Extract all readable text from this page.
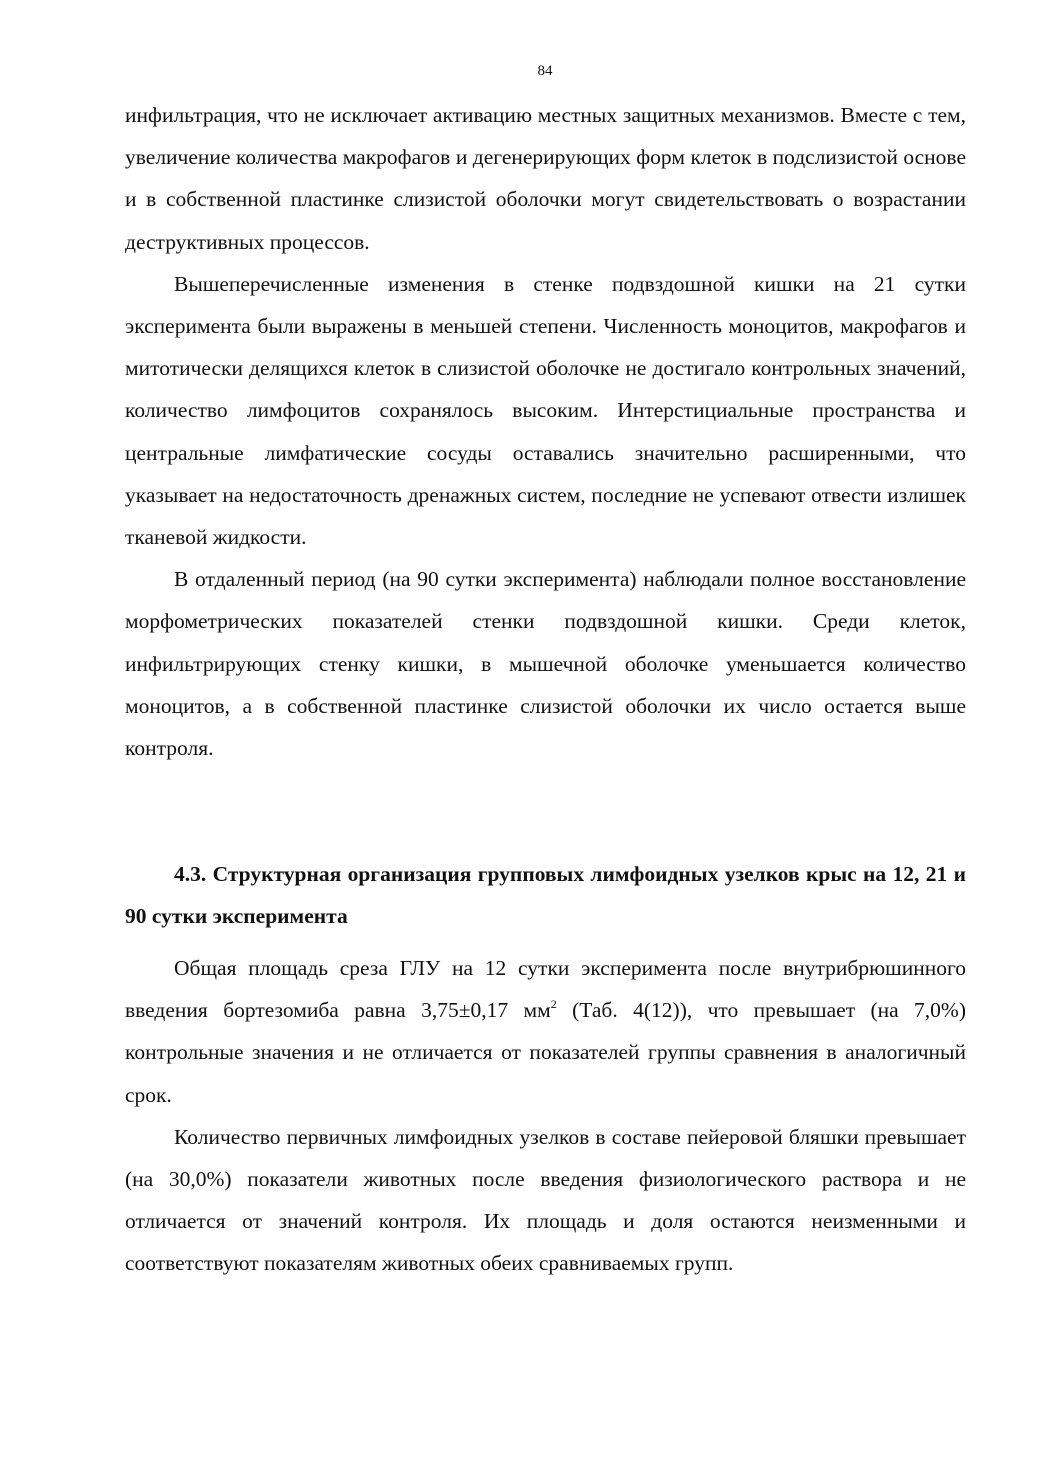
84

инфильтрация, что не исключает активацию местных защитных механизмов. Вместе с тем, увеличение количества макрофагов и дегенерирующих форм клеток в подслизистой основе и в собственной пластинке слизистой оболочки могут свидетельствовать о возрастании деструктивных процессов.

Вышеперечисленные изменения в стенке подвздошной кишки на 21 сутки эксперимента были выражены в меньшей степени. Численность моноцитов, макрофагов и митотически делящихся клеток в слизистой оболочке не достигало контрольных значений, количество лимфоцитов сохранялось высоким. Интерстициальные пространства и центральные лимфатические сосуды оставались значительно расширенными, что указывает на недостаточность дренажных систем, последние не успевают отвести излишек тканевой жидкости.

В отдаленный период (на 90 сутки эксперимента) наблюдали полное восстановление морфометрических показателей стенки подвздошной кишки. Среди клеток, инфильтрирующих стенку кишки, в мышечной оболочке уменьшается количество моноцитов, а в собственной пластинке слизистой оболочки их число остается выше контроля.

4.3. Структурная организация групповых лимфоидных узелков крыс на 12, 21 и 90 сутки эксперимента

Общая площадь среза ГЛУ на 12 сутки эксперимента после внутрибрюшинного введения бортезомиба равна 3,75±0,17 $мм^2$ (Таб. 4(12)), что превышает (на 7,0%) контрольные значения и не отличается от показателей группы сравнения в аналогичный срок.

Количество первичных лимфоидных узелков в составе пейеровой бляшки превышает (на 30,0%) показатели животных после введения физиологического раствора и не отличается от значений контроля. Их площадь и доля остаются неизменными и соответствуют показателям животных обеих сравниваемых групп.
